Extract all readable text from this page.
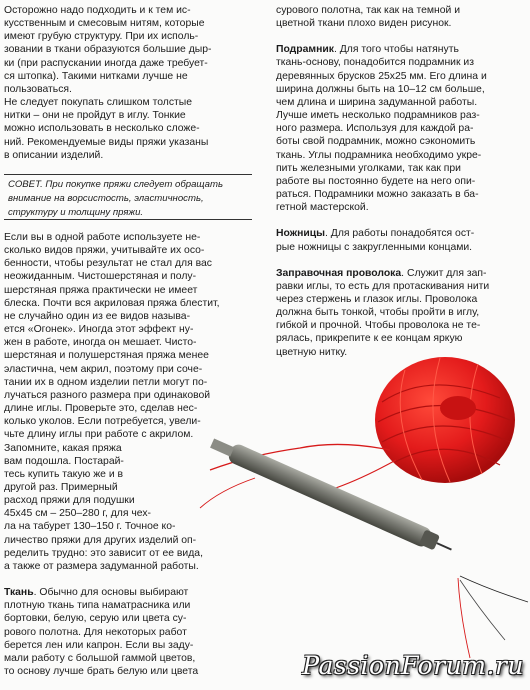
Осторожно надо подходить и к тем ис-

кусственным и смесовым нитям, которые

имеют грубую структуру. При их исполь-

зовании в ткани образуются большие дыр-

ки (при распускании иногда даже требует-

ся штопка). Такими нитками лучше не

пользоваться.

Не следует покупать слишком толстые

нитки – они не пройдут в иглу. Тонкие

можно использовать в несколько сложе-

ний. Рекомендуемые виды пряжи указаны

в описании изделий.

СОВЕТ. При покупке пряжи следует обращать

внимание на ворсистость, эластичность,

структуру и толщину пряжи.

Если вы в одной работе используете не-

сколько видов пряжи, учитывайте их осо-

бенности, чтобы результат не стал для вас

неожиданным. Чистошерстяная и полу-

шерстяная пряжа практически не имеет

блеска. Почти вся акриловая пряжа блестит,

не случайно один из ее видов называ-

ется «Огонек». Иногда этот эффект ну-

жен в работе, иногда он мешает. Чисто-

шерстяная и полушерстяная пряжа менее

эластична, чем акрил, поэтому при соче-

тании их в одном изделии петли могут по-

лучаться разного размера при одинаковой

длине иглы. Проверьте это, сделав нес-

колько уколов. Если потребуется, увели-

чьте длину иглы при работе с акрилом.

Запомните, какая пряжа

вам подошла. Постарай-

тесь купить такую же и в

другой раз. Примерный

расход пряжи для подушки

45х45 см – 250–280 г, для чех-

ла на табурет 130–150 г. Точное ко-

личество пряжи для других изделий оп-

ределить трудно: это зависит от ее вида,

а также от размера задуманной работы.

Ткань. Обычно для основы выбирают

плотную ткань типа наматрасника или

бортовки, белую, серую или цвета су-

рового полотна. Для некоторых работ

берется лен или капрон. Если вы заду-

мали работу с большой гаммой цветов,

то основу лучше брать белую или цвета

сурового полотна, так как на темной и

цветной ткани плохо виден рисунок.

Подрамник. Для того чтобы натянуть

ткань-основу, понадобится подрамник из

деревянных брусков 25х25 мм. Его длина и

ширина должны быть на 10–12 см больше,

чем длина и ширина задуманной работы.

Лучше иметь несколько подрамников раз-

ного размера. Используя для каждой ра-

боты свой подрамник, можно сэкономить

ткань. Углы подрамника необходимо укре-

пить железными уголками, так как при

работе вы постоянно будете на него опи-

раться. Подрамники можно заказать в ба-

гетной мастерской.

Ножницы. Для работы понадобятся ост-

рые ножницы с закругленными концами.

Заправочная проволока. Служит для зап-

равки иглы, то есть для протаскивания нити

через стержень и глазок иглы. Проволока

должна быть тонкой, чтобы пройти в иглу,

гибкой и прочной. Чтобы проволока не те-

рялась, прикрепите к ее концам яркую

цветную нитку.

PassionForum.ru
